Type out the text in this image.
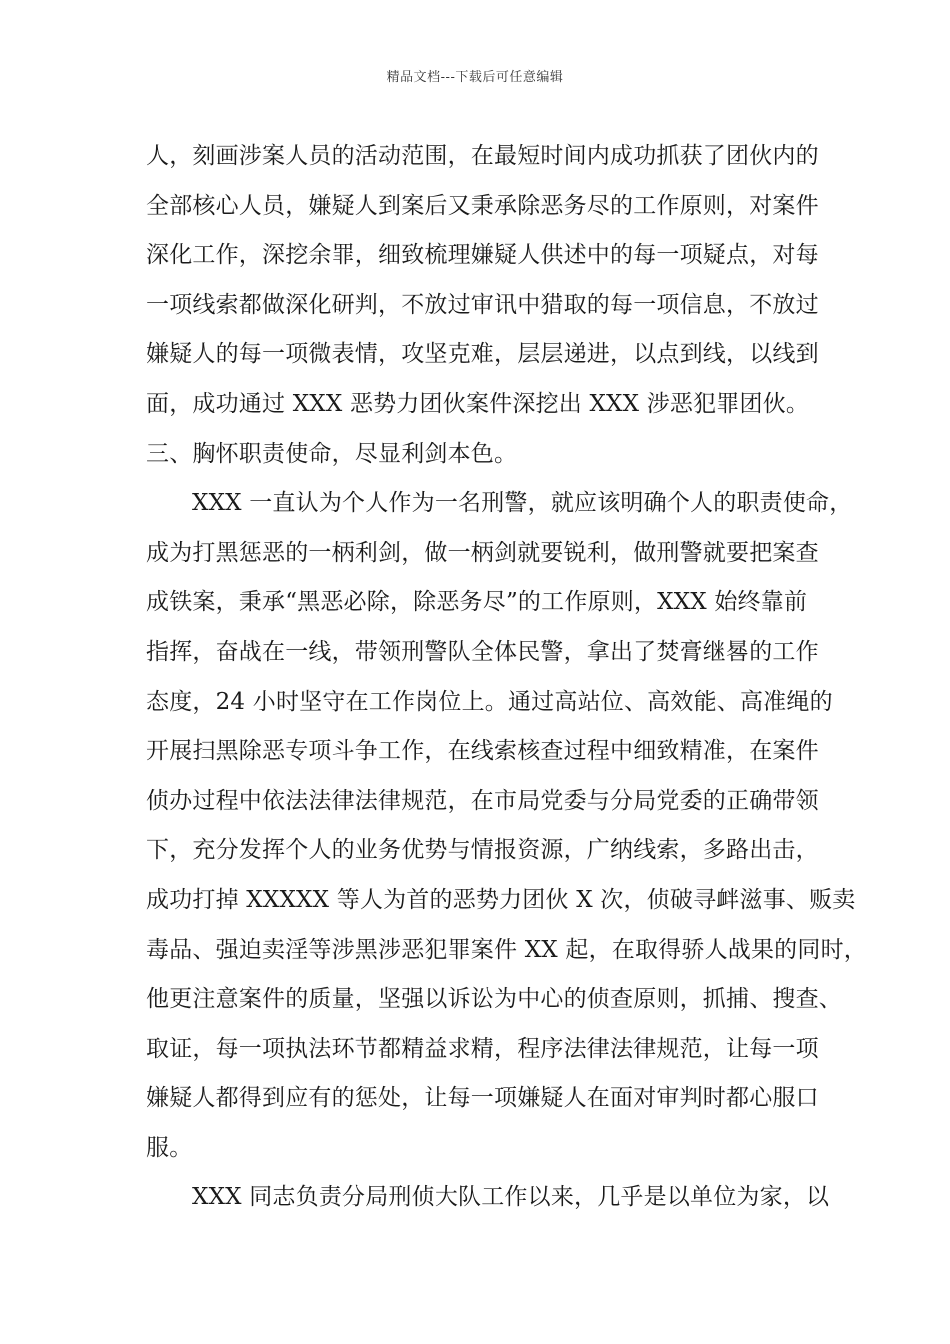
精品文档---下载后可任意编辑
人，刻画涉案人员的活动范围，在最短时间内成功抓获了团伙内的
全部核心人员，嫌疑人到案后又秉承除恶务尽的工作原则，对案件
深化工作，深挖余罪，细致梳理嫌疑人供述中的每一项疑点，对每
一项线索都做深化研判，不放过审讯中猎取的每一项信息，不放过
嫌疑人的每一项微表情，攻坚克难，层层递进，以点到线，以线到
面，成功通过 XXX 恶势力团伙案件深挖出 XXX 涉恶犯罪团伙。
三、胸怀职责使命，尽显利剑本色。
XXX 一直认为个人作为一名刑警，就应该明确个人的职责使命，
成为打黑惩恶的一柄利剑，做一柄剑就要锐利，做刑警就要把案查
成铁案，秉承“黑恶必除，除恶务尽”的工作原则，XXX 始终靠前
指挥，奋战在一线，带领刑警队全体民警，拿出了焚膏继晷的工作
态度，24 小时坚守在工作岗位上。通过高站位、高效能、高准绳的
开展扫黑除恶专项斗争工作，在线索核查过程中细致精准，在案件
侦办过程中依法法律法律规范，在市局党委与分局党委的正确带领
下，充分发挥个人的业务优势与情报资源，广纳线索，多路出击，
成功打掉 XXXXX 等人为首的恶势力团伙 X 次，侦破寻衅滋事、贩卖
毒品、强迫卖淫等涉黑涉恶犯罪案件 XX 起，在取得骄人战果的同时，
他更注意案件的质量，坚强以诉讼为中心的侦查原则，抓捕、搜查、
取证，每一项执法环节都精益求精，程序法律法律规范，让每一项
嫌疑人都得到应有的惩处，让每一项嫌疑人在面对审判时都心服口
服。
XXX 同志负责分局刑侦大队工作以来，几乎是以单位为家，以
